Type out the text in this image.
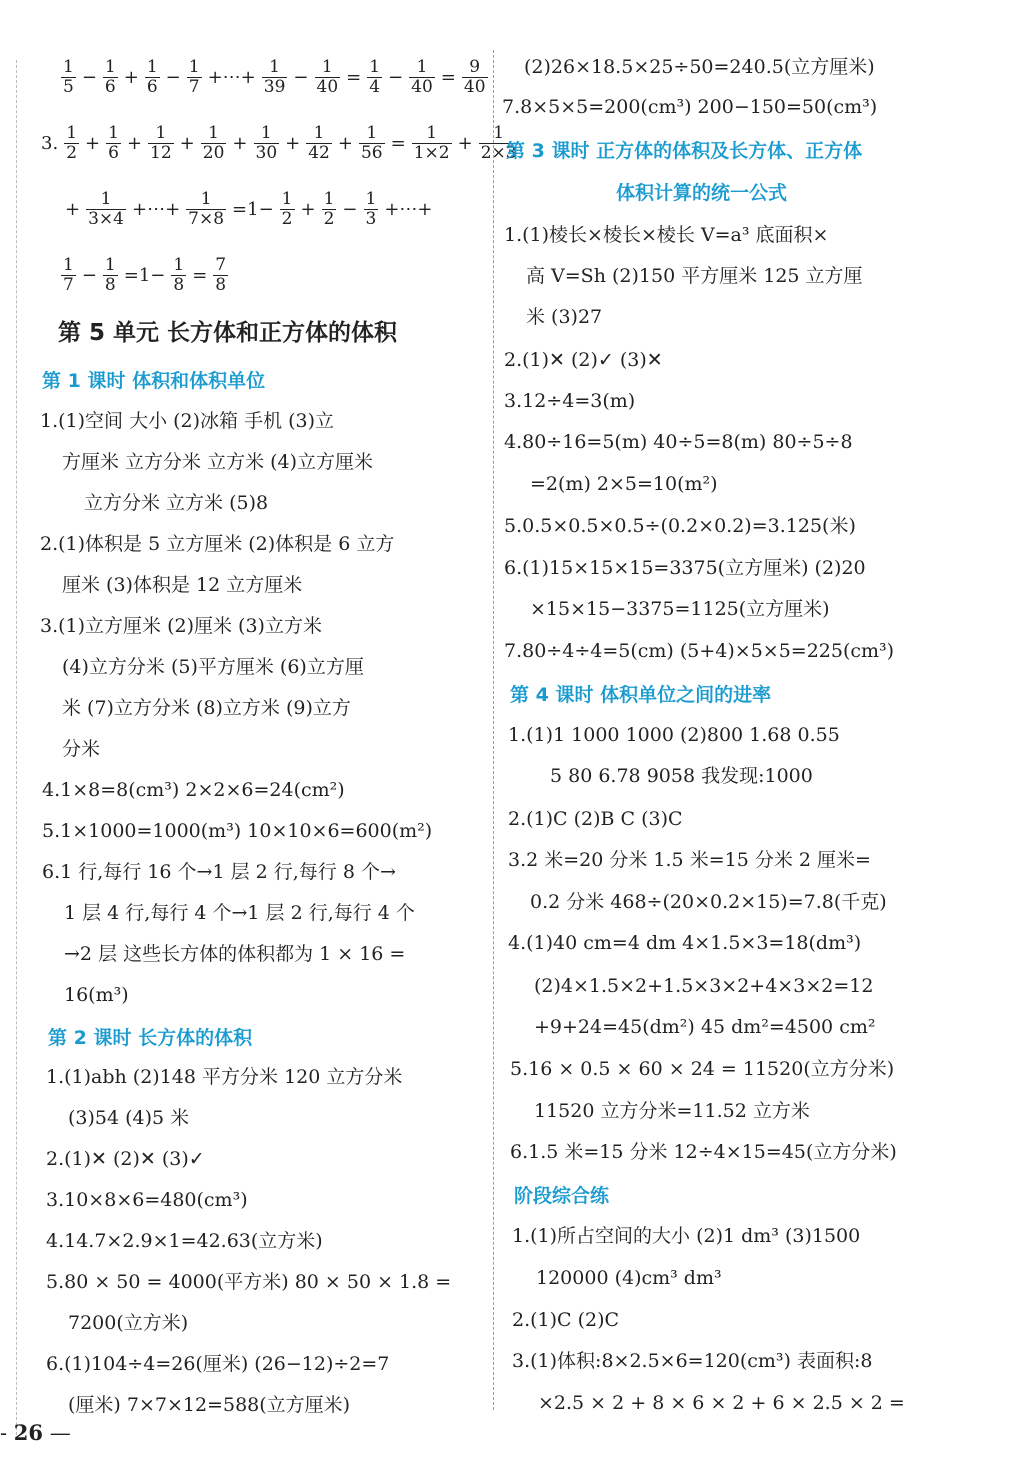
$\frac{1}{5} - \frac{1}{6} + \frac{1}{6} - \frac{1}{7}$ +⋯+ $\frac{1}{39} - \frac{1}{40} = \frac{1}{4} - \frac{1}{40} = \frac{9}{40}$
3. $\frac{1}{2} + \frac{1}{6} + \frac{1}{12} + \frac{1}{20} + \frac{1}{30} + \frac{1}{42} + \frac{1}{56} = \frac{1}{1\times 2} + \frac{1}{2\times 3}$
+ $\frac{1}{3\times 4}$ +⋯+ $\frac{1}{7\times 8} =1- \frac{1}{2} + \frac{1}{2} - \frac{1}{3}$ +⋯+
$\frac{1}{7} - \frac{1}{8} =1- \frac{1}{8} = \frac{7}{8}$
第 5 单元 长方体和正方体的体积
第 1 课时 体积和体积单位
1.(1)空间 大小 (2)冰箱 手机 (3)立
方厘米 立方分米 立方米 (4)立方厘米
立方分米 立方米 (5)8
2.(1)体积是 5 立方厘米 (2)体积是 6 立方
厘米 (3)体积是 12 立方厘米
3.(1)立方厘米 (2)厘米 (3)立方米
(4)立方分米 (5)平方厘米 (6)立方厘
米 (7)立方分米 (8)立方米 (9)立方
分米
4.1×8=8(cm³) 2×2×6=24(cm²)
5.1×1000=1000(m³) 10×10×6=600(m²)
6.1 行,每行 16 个→1 层 2 行,每行 8 个→
1 层 4 行,每行 4 个→1 层 2 行,每行 4 个
→2 层 这些长方体的体积都为 1 × 16 =
16(m³)
第 2 课时 长方体的体积
1.(1)abh (2)148 平方分米 120 立方分米
(3)54 (4)5 米
2.(1)✕ (2)✕ (3)✓
3.10×8×6=480(cm³)
4.14.7×2.9×1=42.63(立方米)
5.80 × 50 = 4000(平方米) 80 × 50 × 1.8 =
7200(立方米)
6.(1)104÷4=26(厘米) (26−12)÷2=7
(厘米) 7×7×12=588(立方厘米)
(2)26×18.5×25÷50=240.5(立方厘米)
7.8×5×5=200(cm³) 200−150=50(cm³)
第 3 课时 正方体的体积及长方体、正方体
体积计算的统一公式
1.(1)棱长×棱长×棱长 V=a³ 底面积×
高 V=Sh (2)150 平方厘米 125 立方厘
米 (3)27
2.(1)✕ (2)✓ (3)✕
3.12÷4=3(m)
4.80÷16=5(m) 40÷5=8(m) 80÷5÷8
=2(m) 2×5=10(m²)
5.0.5×0.5×0.5÷(0.2×0.2)=3.125(米)
6.(1)15×15×15=3375(立方厘米) (2)20
×15×15−3375=1125(立方厘米)
7.80÷4÷4=5(cm) (5+4)×5×5=225(cm³)
第 4 课时 体积单位之间的进率
1.(1)1 1000 1000 (2)800 1.68 0.55
5 80 6.78 9058 我发现:1000
2.(1)C (2)B C (3)C
3.2 米=20 分米 1.5 米=15 分米 2 厘米=
0.2 分米 468÷(20×0.2×15)=7.8(千克)
4.(1)40 cm=4 dm 4×1.5×3=18(dm³)
(2)4×1.5×2+1.5×3×2+4×3×2=12
+9+24=45(dm²) 45 dm²=4500 cm²
5.16 × 0.5 × 60 × 24 = 11520(立方分米)
11520 立方分米=11.52 立方米
6.1.5 米=15 分米 12÷4×15=45(立方分米)
阶段综合练
1.(1)所占空间的大小 (2)1 dm³ (3)1500
120000 (4)cm³ dm³
2.(1)C (2)C
3.(1)体积:8×2.5×6=120(cm³) 表面积:8
×2.5 × 2 + 8 × 6 × 2 + 6 × 2.5 × 2 =
- 26 —
